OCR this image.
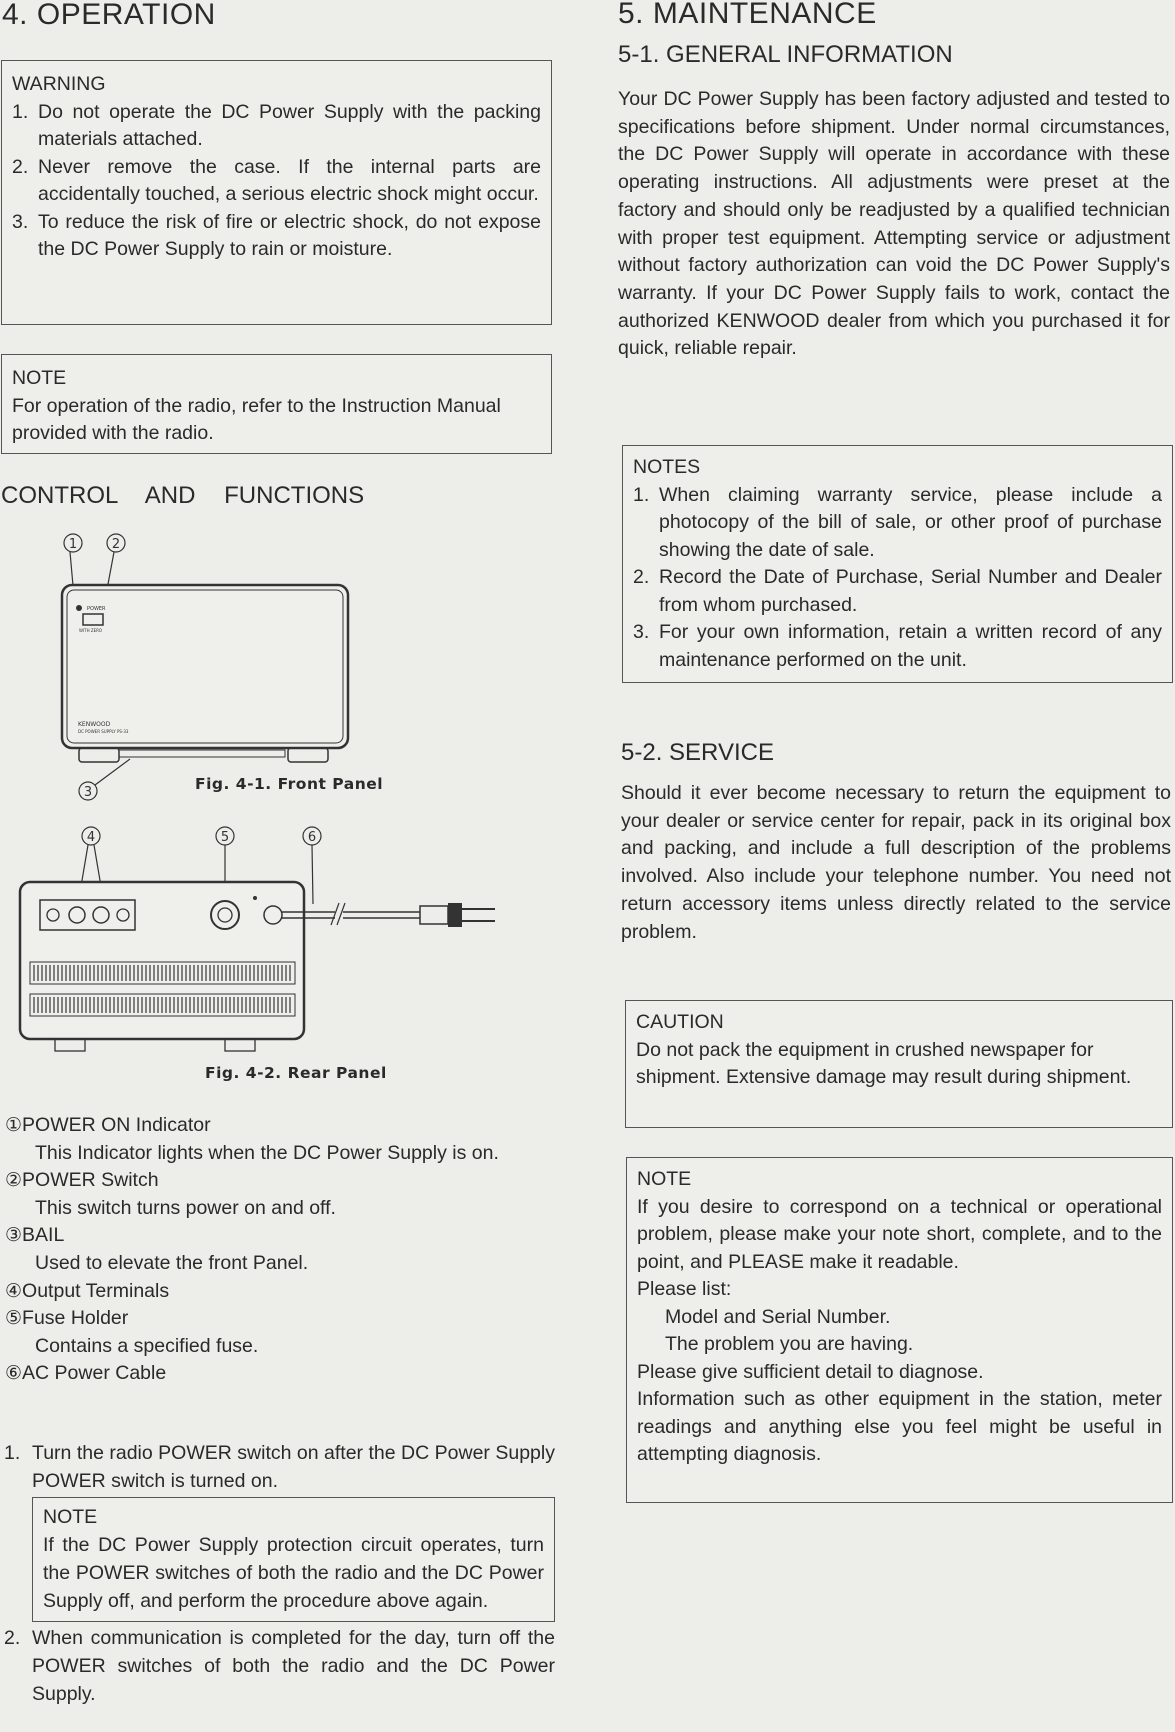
4. OPERATION
WARNING
1. Do not operate the DC Power Supply with the packing materials attached.
2. Never remove the case. If the internal parts are accidentally touched, a serious electric shock might occur.
3. To reduce the risk of fire or electric shock, do not expose the DC Power Supply to rain or moisture.
NOTE
For operation of the radio, refer to the Instruction Manual provided with the radio.
CONTROL AND FUNCTIONS
1	2
POWER
WITH ZERO
KENWOOD
DC POWER SUPPLY PS-33
3	Fig. 4-1. Front Panel
4	5	6
Fig. 4-2. Rear Panel
①POWER ON Indicator
This Indicator lights when the DC Power Supply is on.
②POWER Switch
This switch turns power on and off.
③BAIL
Used to elevate the front Panel.
④Output Terminals
⑤Fuse Holder
Contains a specified fuse.
⑥AC Power Cable
1. Turn the radio POWER switch on after the DC Power Supply POWER switch is turned on.
NOTE
If the DC Power Supply protection circuit operates, turn the POWER switches of both the radio and the DC Power Supply off, and perform the procedure above again.
2. When communication is completed for the day, turn off the POWER switches of both the radio and the DC Power Supply.
5. MAINTENANCE
5-1. GENERAL INFORMATION
Your DC Power Supply has been factory adjusted and tested to specifications before shipment. Under normal circumstances, the DC Power Supply will operate in accordance with these operating instructions. All adjustments were preset at the factory and should only be readjusted by a qualified technician with proper test equipment. Attempting service or adjustment without factory authorization can void the DC Power Supply's warranty. If your DC Power Supply fails to work, contact the authorized KENWOOD dealer from which you purchased it for quick, reliable repair.
NOTES
1. When claiming warranty service, please include a photocopy of the bill of sale, or other proof of purchase showing the date of sale.
2. Record the Date of Purchase, Serial Number and Dealer from whom purchased.
3. For your own information, retain a written record of any maintenance performed on the unit.
5-2. SERVICE
Should it ever become necessary to return the equipment to your dealer or service center for repair, pack in its original box and packing, and include a full description of the problems involved. Also include your telephone number. You need not return accessory items unless directly related to the service problem.
CAUTION
Do not pack the equipment in crushed newspaper for shipment. Extensive damage may result during shipment.
NOTE
If you desire to correspond on a technical or operational problem, please make your note short, complete, and to the point, and PLEASE make it readable.
Please list:
Model and Serial Number.
The problem you are having.
Please give sufficient detail to diagnose.
Information such as other equipment in the station, meter readings and anything else you feel might be useful in attempting diagnosis.
